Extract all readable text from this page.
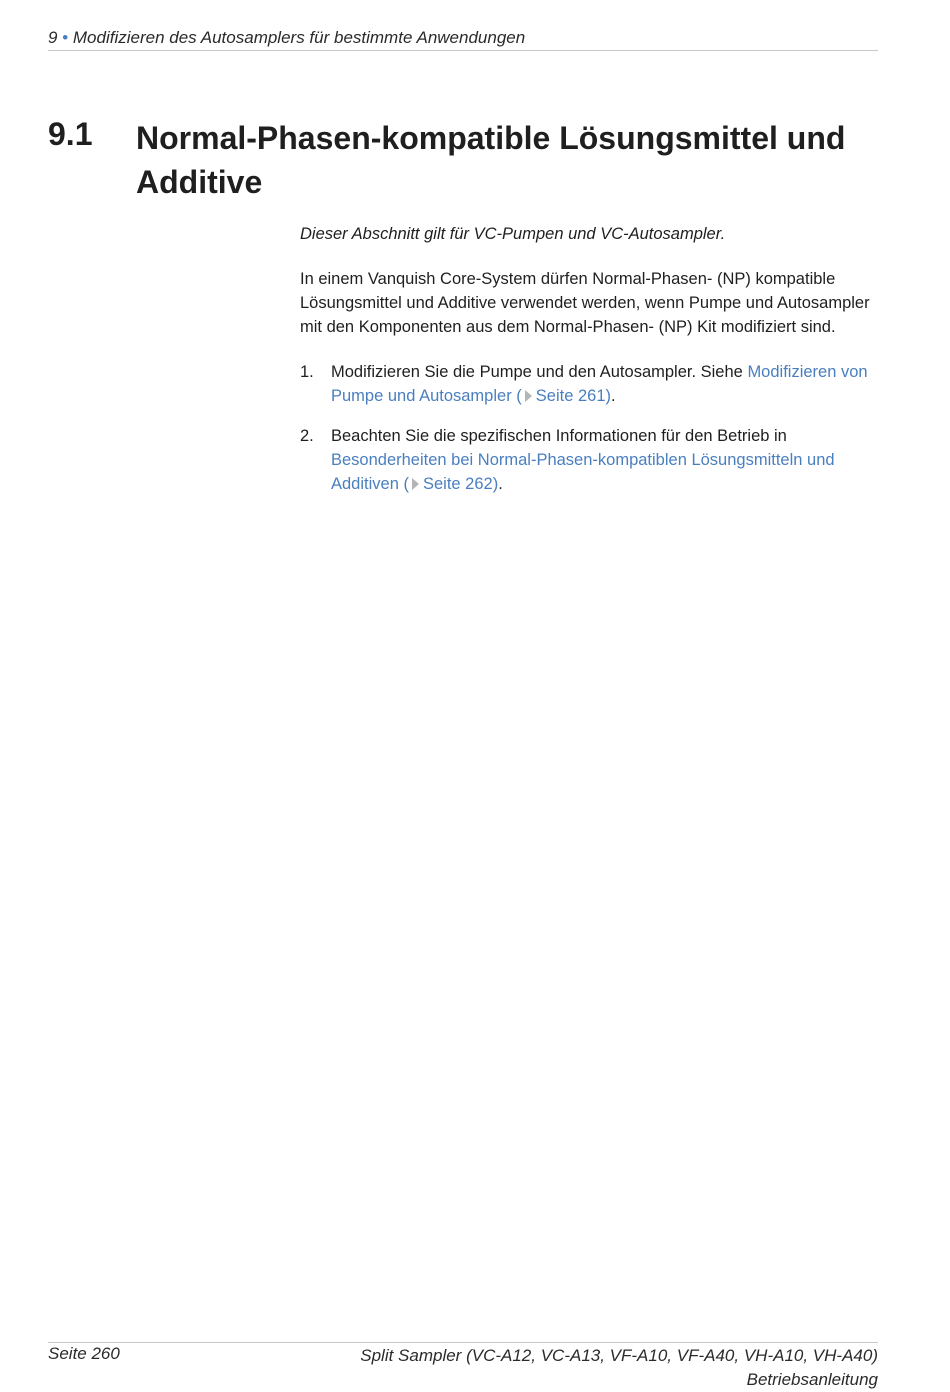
9 • Modifizieren des Autosamplers für bestimmte Anwendungen
9.1 Normal-Phasen-kompatible Lösungsmittel und Additive

Dieser Abschnitt gilt für VC-Pumpen und VC-Autosampler.

In einem Vanquish Core-System dürfen Normal-Phasen- (NP) kompatible Lösungsmittel und Additive verwendet werden, wenn Pumpe und Autosampler mit den Komponenten aus dem Normal-Phasen- (NP) Kit modifiziert sind.

1. Modifizieren Sie die Pumpe und den Autosampler. Siehe Modifizieren von Pumpe und Autosampler ( Seite 261).
2. Beachten Sie die spezifischen Informationen für den Betrieb in Besonderheiten bei Normal-Phasen-kompatiblen Lösungsmitteln und Additiven ( Seite 262).
Seite 260	Split Sampler (VC-A12, VC-A13, VF-A10, VF-A40, VH-A10, VH-A40)
Betriebsanleitung
